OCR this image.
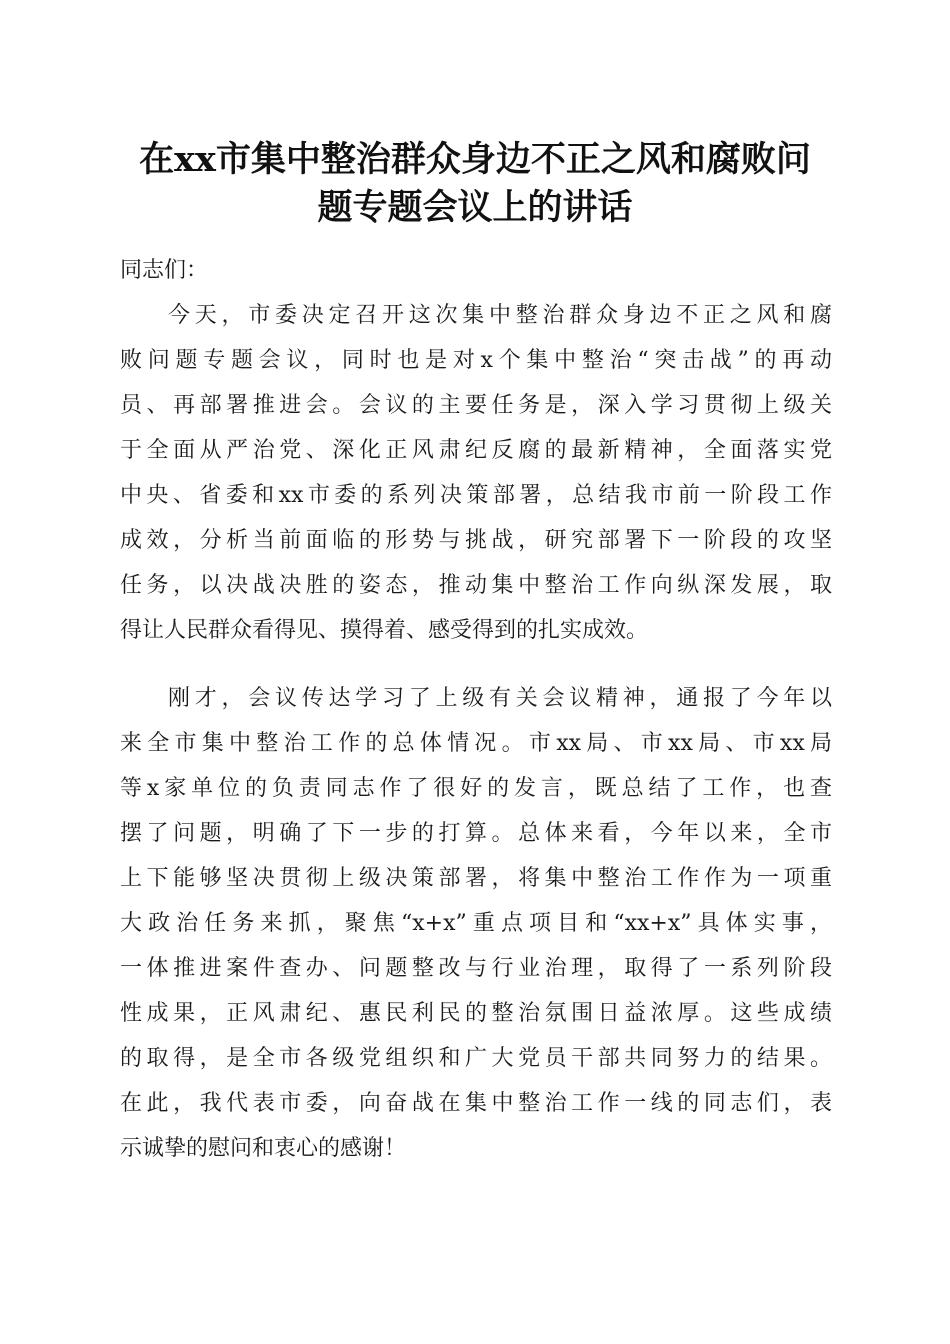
在xx市集中整治群众身边不正之风和腐败问
题专题会议上的讲话
同志们：
今天，市委决定召开这次集中整治群众身边不正之风和腐
败问题专题会议，同时也是对x个集中整治“突击战”的再动
员、再部署推进会。会议的主要任务是，深入学习贯彻上级关
于全面从严治党、深化正风肃纪反腐的最新精神，全面落实党
中央、省委和xx市委的系列决策部署，总结我市前一阶段工作
成效，分析当前面临的形势与挑战，研究部署下一阶段的攻坚
任务，以决战决胜的姿态，推动集中整治工作向纵深发展，取
得让人民群众看得见、摸得着、感受得到的扎实成效。
刚才，会议传达学习了上级有关会议精神，通报了今年以
来全市集中整治工作的总体情况。市xx局、市xx局、市xx局
等x家单位的负责同志作了很好的发言，既总结了工作，也查
摆了问题，明确了下一步的打算。总体来看，今年以来，全市
上下能够坚决贯彻上级决策部署，将集中整治工作作为一项重
大政治任务来抓，聚焦“x+x”重点项目和“xx+x”具体实事，
一体推进案件查办、问题整改与行业治理，取得了一系列阶段
性成果，正风肃纪、惠民利民的整治氛围日益浓厚。这些成绩
的取得，是全市各级党组织和广大党员干部共同努力的结果。
在此，我代表市委，向奋战在集中整治工作一线的同志们，表
示诚挚的慰问和衷心的感谢！
